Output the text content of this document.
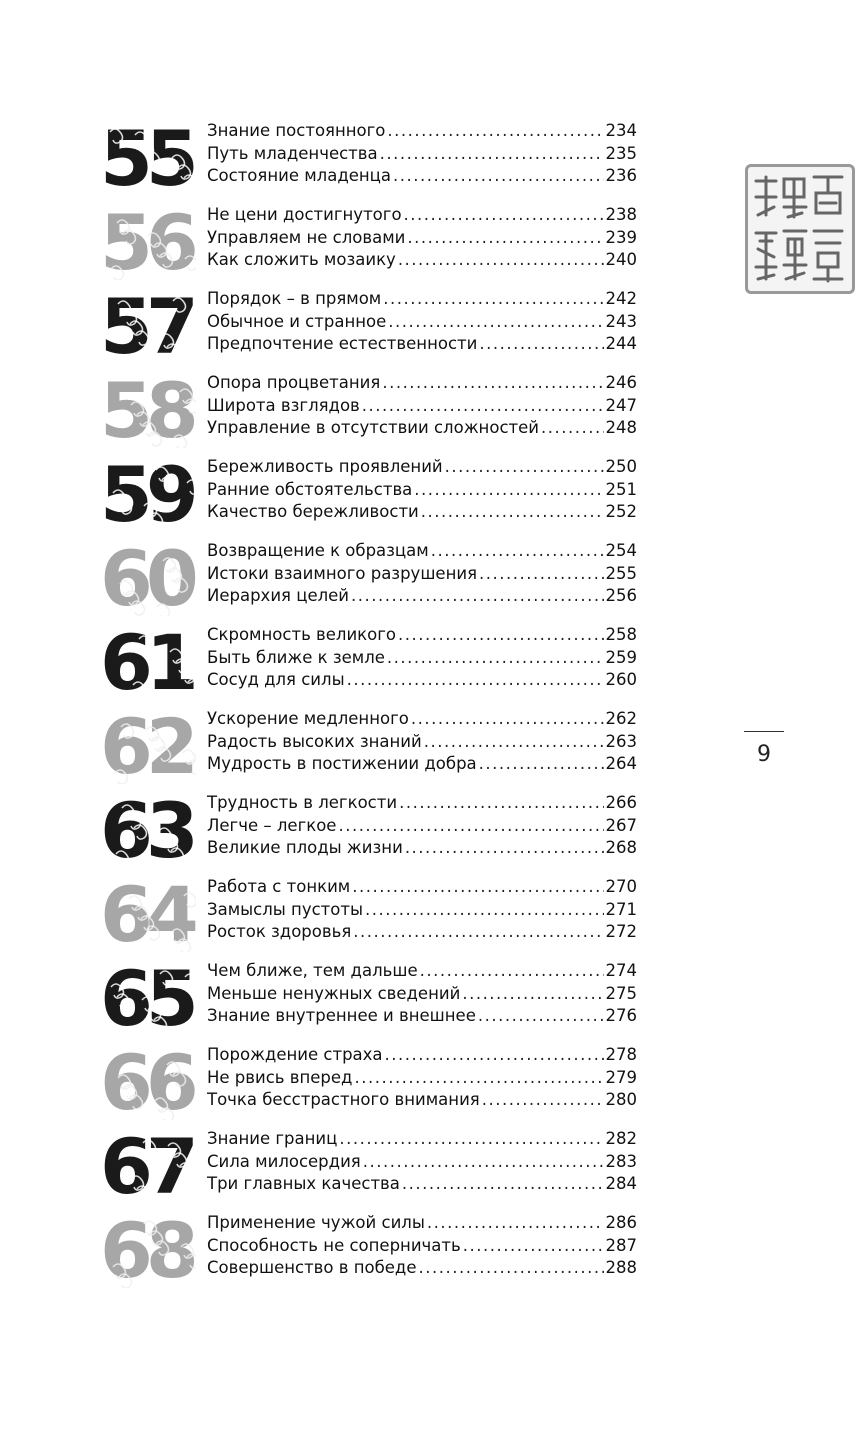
55 Знание постоянного .....	234
Путь младенчества .....	235
Состояние младенца .....	236
56 Не цени достигнутого .....	238
Управляем не словами .....	239
Как сложить мозаику .....	240
57 Порядок – в прямом .....	242
Обычное и странное .....	243
Предпочтение естественности .....	244
58 Опора процветания .....	246
Широта взглядов .....	247
Управление в отсутствии сложностей .....	248
59 Бережливость проявлений .....	250
Ранние обстоятельства .....	251
Качество бережливости .....	252
60 Возвращение к образцам .....	254
Истоки взаимного разрушения .....	255
Иерархия целей .....	256
61 Скромность великого .....	258
Быть ближе к земле .....	259
Сосуд для силы .....	260
62 Ускорение медленного .....	262
Радость высоких знаний .....	263
Мудрость в постижении добра .....	264
63 Трудность в легкости .....	266
Легче – легкое .....	267
Великие плоды жизни .....	268
64 Работа с тонким .....	270
Замыслы пустоты .....	271
Росток здоровья .....	272
65 Чем ближе, тем дальше .....	274
Меньше ненужных сведений .....	275
Знание внутреннее и внешнее .....	276
66 Порождение страха .....	278
Не рвись вперед .....	279
Точка бесстрастного внимания .....	280
67 Знание границ .....	282
Сила милосердия .....	283
Три главных качества .....	284
68 Применение чужой силы .....	286
Способность не соперничать .....	287
Совершенство в победе .....	288
9
